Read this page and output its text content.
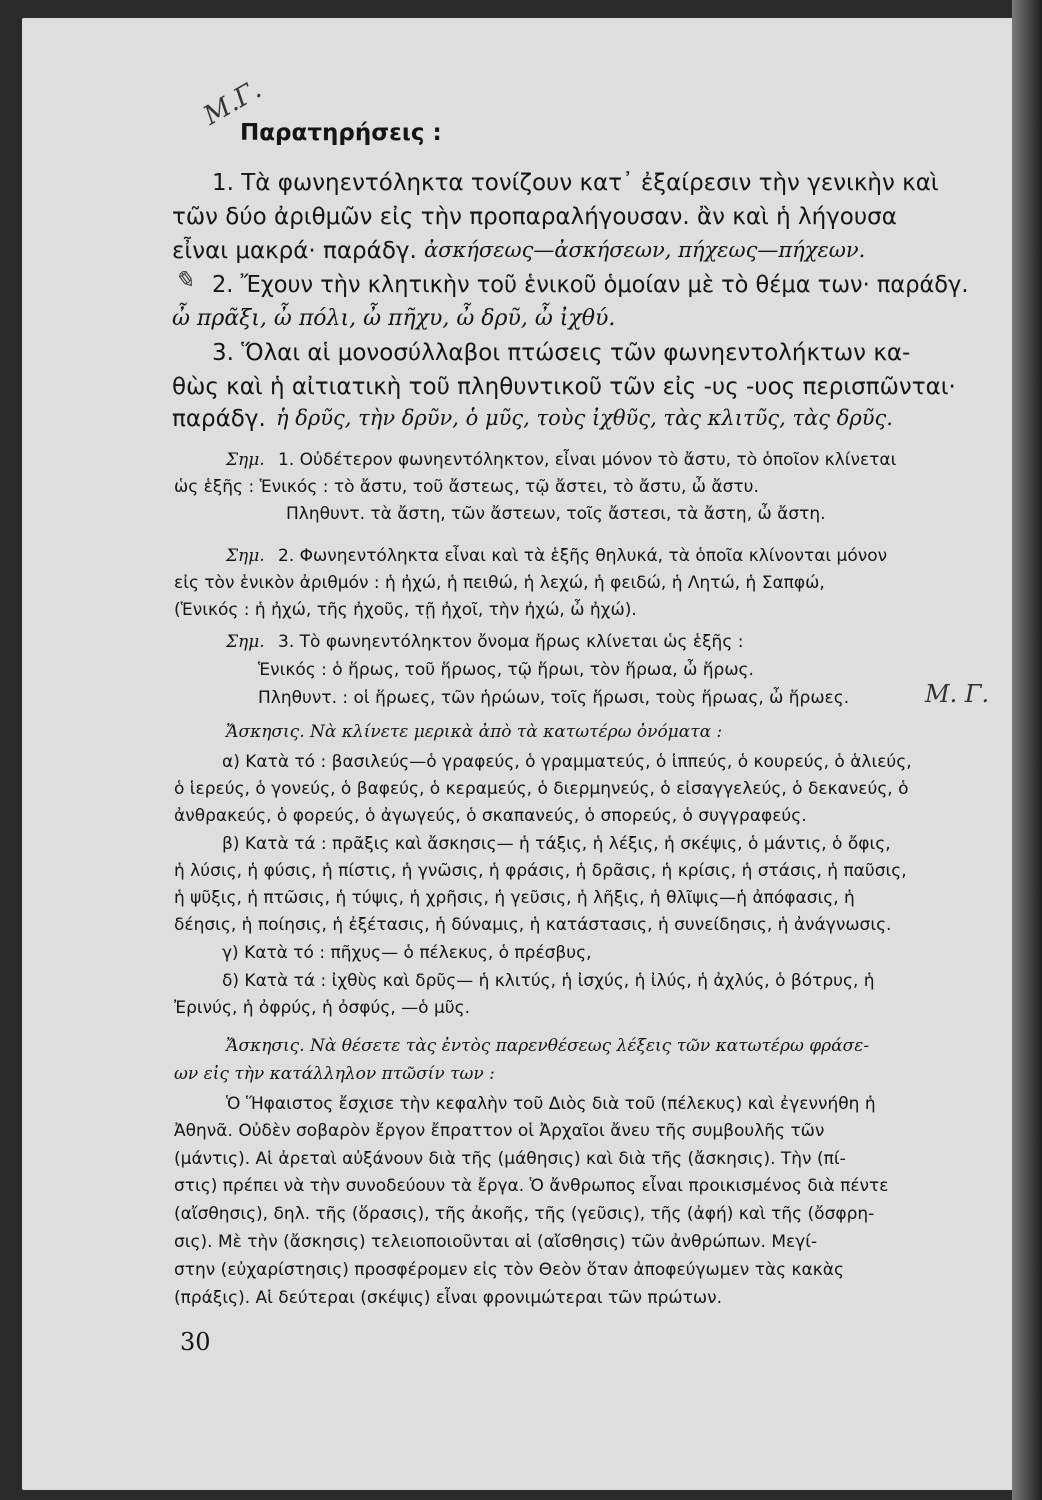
Μ.Γ.
Παρατηρήσεις :
1. Τὰ φωνηεντόληκτα τονίζουν κατ᾽ ἐξαίρεσιν τὴν γενικὴν καὶ
τῶν δύο ἀριθμῶν εἰς τὴν προπαραλήγουσαν. ἂν καὶ ἡ λήγουσα
εἶναι μακρά· παράδγ. ἀσκήσεως—ἀσκήσεων, πήχεως—πήχεων.
✎ 2. Ἔχουν τὴν κλητικὴν τοῦ ἑνικοῦ ὁμοίαν μὲ τὸ θέμα των· παράδγ.
ὦ πρᾶξι, ὦ πόλι, ὦ πῆχυ, ὦ δρῦ, ὦ ἰχθύ.
3. Ὅλαι αἱ μονοσύλλαβοι πτώσεις τῶν φωνηεντολήκτων κα-
θὼς καὶ ἡ αἰτιατικὴ τοῦ πληθυντικοῦ τῶν εἰς -υς -υος περισπῶνται·
παράδγ. ἡ δρῦς, τὴν δρῦν, ὁ μῦς, τοὺς ἰχθῦς, τὰς κλιτῦς, τὰς δρῦς.
Σημ. 1. Οὐδέτερον φωνηεντόληκτον, εἶναι μόνον τὸ ἄστυ, τὸ ὁποῖον κλίνεται
ὡς ἑξῆς : Ἑνικός : τὸ ἄστυ, τοῦ ἄστεως, τῷ ἄστει, τὸ ἄστυ, ὦ ἄστυ.
Πληθυντ. τὰ ἄστη, τῶν ἄστεων, τοῖς ἄστεσι, τὰ ἄστη, ὦ ἄστη.
Σημ. 2. Φωνηεντόληκτα εἶναι καὶ τὰ ἑξῆς θηλυκά, τὰ ὁποῖα κλίνονται μόνον
εἰς τὸν ἑνικὸν ἀριθμόν : ἡ ἠχώ, ἡ πειθώ, ἡ λεχώ, ἡ φειδώ, ἡ Λητώ, ἡ Σαπφώ,
(Ἑνικός : ἡ ἠχώ, τῆς ἠχοῦς, τῇ ἠχοῖ, τὴν ἠχώ, ὦ ἠχώ).
Σημ. 3. Τὸ φωνηεντόληκτον ὄνομα ἥρως κλίνεται ὡς ἑξῆς :
Ἑνικός : ὁ ἥρως, τοῦ ἥρωος, τῷ ἥρωι, τὸν ἥρωα, ὦ ἥρως.
Πληθυντ. : οἱ ἥρωες, τῶν ἡρώων, τοῖς ἥρωσι, τοὺς ἥρωας, ὦ ἥρωες.	Μ. Γ.
Ἄσκησις. Νὰ κλίνετε μερικὰ ἀπὸ τὰ κατωτέρω ὀνόματα :
α) Κατὰ τό : βασιλεύς—ὁ γραφεύς, ὁ γραμματεύς, ὁ ἱππεύς, ὁ κουρεύς, ὁ ἁλιεύς,
ὁ ἱερεύς, ὁ γονεύς, ὁ βαφεύς, ὁ κεραμεύς, ὁ διερμηνεύς, ὁ εἰσαγγελεύς, ὁ δεκανεύς, ὁ
ἀνθρακεύς, ὁ φορεύς, ὁ ἀγωγεύς, ὁ σκαπανεύς, ὁ σπορεύς, ὁ συγγραφεύς.
β) Κατὰ τά : πρᾶξις καὶ ἄσκησις— ἡ τάξις, ἡ λέξις, ἡ σκέψις, ὁ μάντις, ὁ ὄφις,
ἡ λύσις, ἡ φύσις, ἡ πίστις, ἡ γνῶσις, ἡ φράσις, ἡ δρᾶσις, ἡ κρίσις, ἡ στάσις, ἡ παῦσις,
ἡ ψῦξις, ἡ πτῶσις, ἡ τύψις, ἡ χρῆσις, ἡ γεῦσις, ἡ λῆξις, ἡ θλῖψις—ἡ ἀπόφασις, ἡ
δέησις, ἡ ποίησις, ἡ ἐξέτασις, ἡ δύναμις, ἡ κατάστασις, ἡ συνείδησις, ἡ ἀνάγνωσις.
γ) Κατὰ τό : πῆχυς— ὁ πέλεκυς, ὁ πρέσβυς,
δ) Κατὰ τά : ἰχθὺς καὶ δρῦς— ἡ κλιτύς, ἡ ἰσχύς, ἡ ἰλύς, ἡ ἀχλύς, ὁ βότρυς, ἡ
Ἐρινύς, ἡ ὀφρύς, ἡ ὀσφύς, —ὁ μῦς.
Ἄσκησις. Νὰ θέσετε τὰς ἐντὸς παρενθέσεως λέξεις τῶν κατωτέρω φράσε-
ων εἰς τὴν κατάλληλον πτῶσίν των :
Ὁ Ἥφαιστος ἔσχισε τὴν κεφαλὴν τοῦ Διὸς διὰ τοῦ (πέλεκυς) καὶ ἐγεννήθη ἡ
Ἀθηνᾶ. Οὐδὲν σοβαρὸν ἔργον ἔπραττον οἱ Ἀρχαῖοι ἄνευ τῆς συμβουλῆς τῶν
(μάντις). Αἱ ἀρεταὶ αὐξάνουν διὰ τῆς (μάθησις) καὶ διὰ τῆς (ἄσκησις). Τὴν (πί-
στις) πρέπει νὰ τὴν συνοδεύουν τὰ ἔργα. Ὁ ἄνθρωπος εἶναι προικισμένος διὰ πέντε
(αἴσθησις), δηλ. τῆς (ὅρασις), τῆς ἀκοῆς, τῆς (γεῦσις), τῆς (ἀφή) καὶ τῆς (ὄσφρη-
σις). Μὲ τὴν (ἄσκησις) τελειοποιοῦνται αἱ (αἴσθησις) τῶν ἀνθρώπων. Μεγί-
στην (εὐχαρίστησις) προσφέρομεν εἰς τὸν Θεὸν ὅταν ἀποφεύγωμεν τὰς κακὰς
(πράξις). Αἱ δεύτεραι (σκέψις) εἶναι φρονιμώτεραι τῶν πρώτων.
30
